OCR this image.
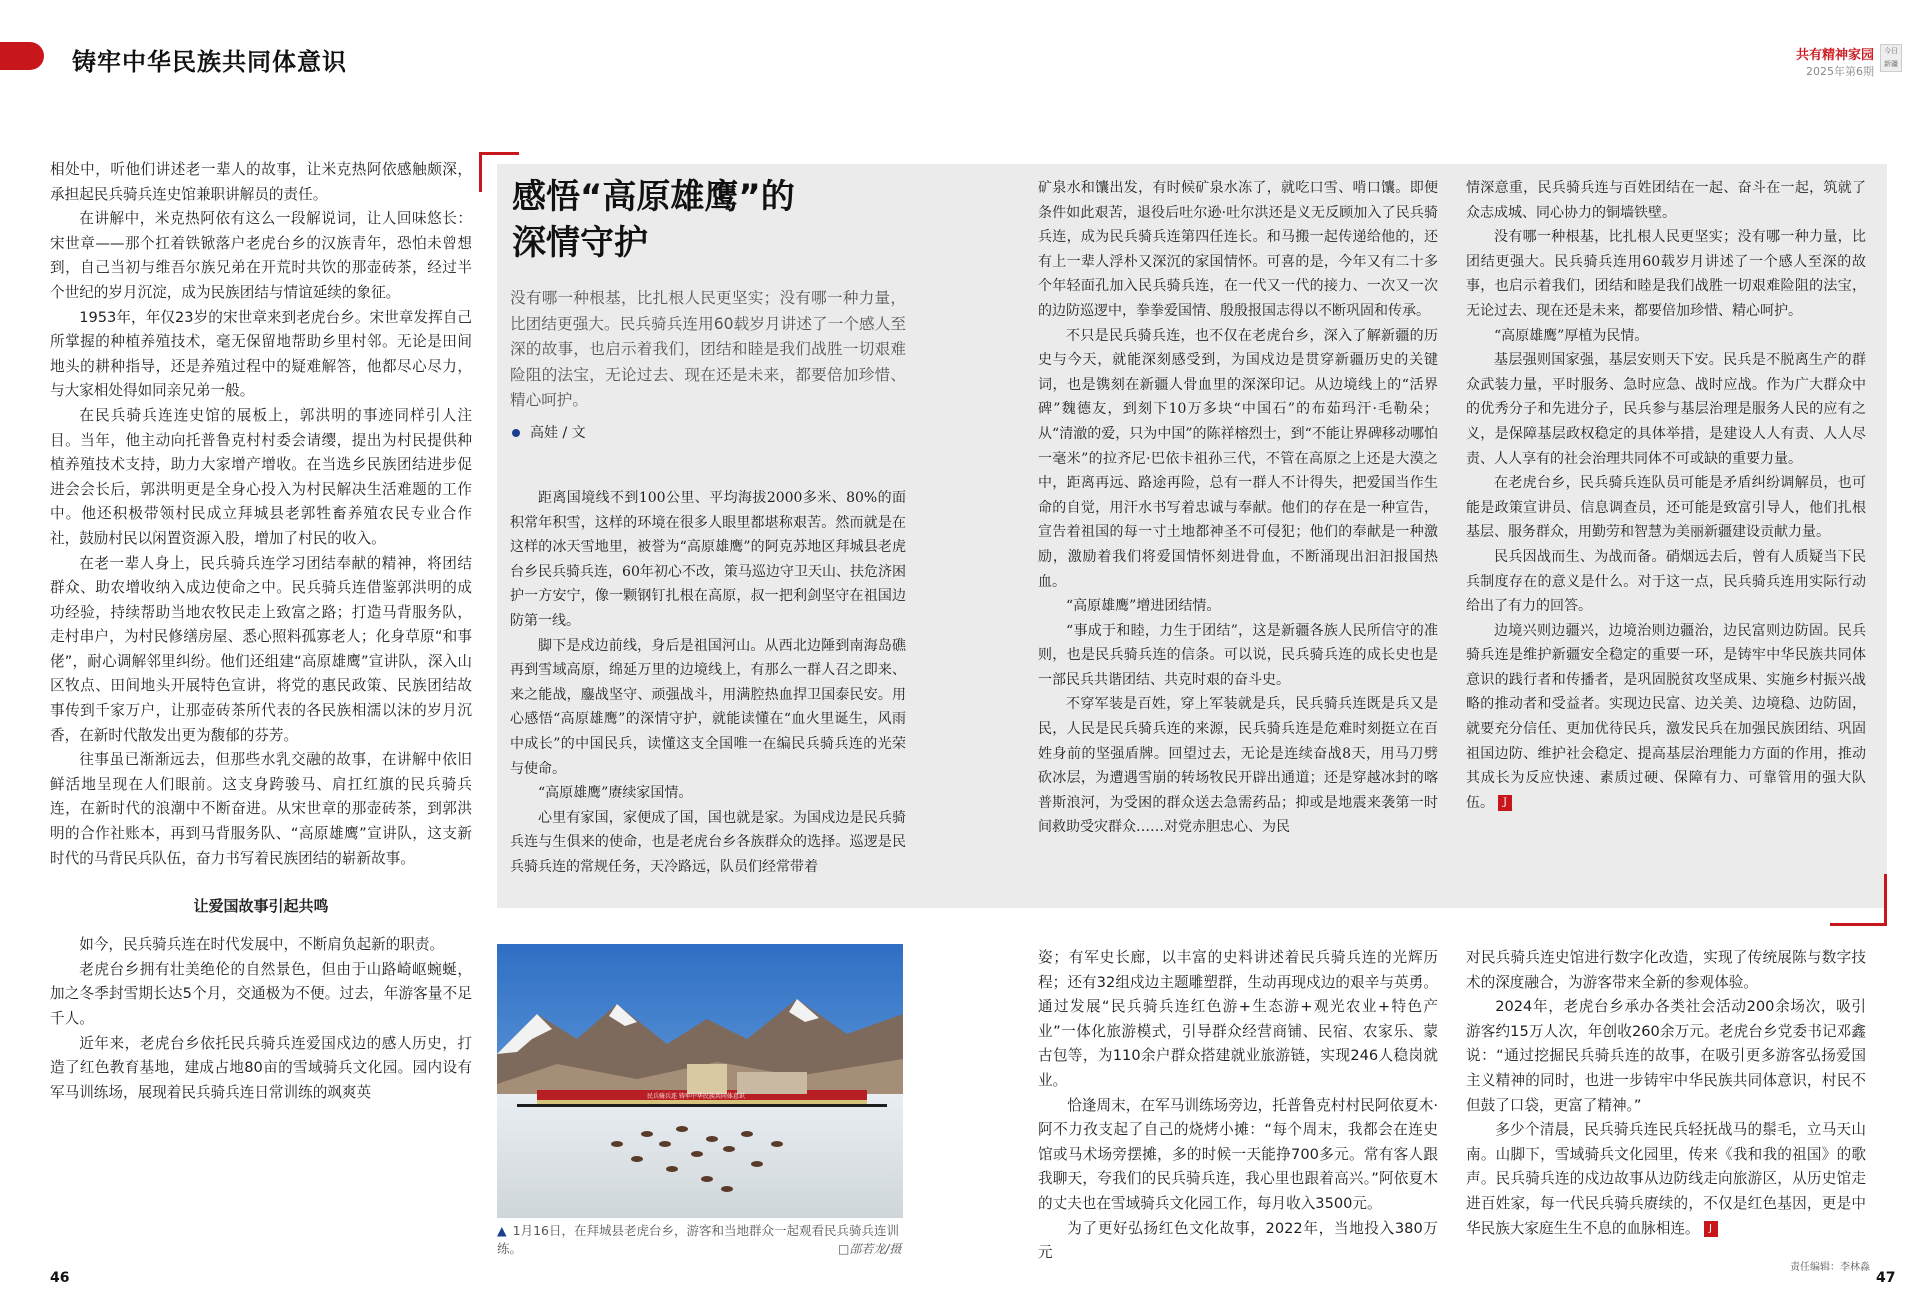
铸牢中华民族共同体意识	共有精神家园
2025年第6期
今日新疆

相处中，听他们讲述老一辈人的故事，让米克热阿依感触颇深，承担起民兵骑兵连史馆兼职讲解员的责任。

在讲解中，米克热阿依有这么一段解说词，让人回味悠长：宋世章——那个扛着铁锨落户老虎台乡的汉族青年，恐怕未曾想到，自己当初与维吾尔族兄弟在开荒时共饮的那壶砖茶，经过半个世纪的岁月沉淀，成为民族团结与情谊延续的象征。

1953年，年仅23岁的宋世章来到老虎台乡。宋世章发挥自己所掌握的种植养殖技术，毫无保留地帮助乡里村邻。无论是田间地头的耕种指导，还是养殖过程中的疑难解答，他都尽心尽力，与大家相处得如同亲兄弟一般。

在民兵骑兵连连史馆的展板上，郭洪明的事迹同样引人注目。当年，他主动向托普鲁克村村委会请缨，提出为村民提供种植养殖技术支持，助力大家增产增收。在当选乡民族团结进步促进会会长后，郭洪明更是全身心投入为村民解决生活难题的工作中。他还积极带领村民成立拜城县老郭牲畜养殖农民专业合作社，鼓励村民以闲置资源入股，增加了村民的收入。

在老一辈人身上，民兵骑兵连学习团结奉献的精神，将团结群众、助农增收纳入成边使命之中。民兵骑兵连借鉴郭洪明的成功经验，持续帮助当地农牧民走上致富之路；打造马背服务队，走村串户，为村民修缮房屋、悉心照料孤寡老人；化身草原“和事佬”，耐心调解邻里纠纷。他们还组建“高原雄鹰”宣讲队，深入山区牧点、田间地头开展特色宣讲，将党的惠民政策、民族团结故事传到千家万户，让那壶砖茶所代表的各民族相濡以沫的岁月沉香，在新时代散发出更为馥郁的芬芳。

往事虽已渐渐远去，但那些水乳交融的故事，在讲解中依旧鲜活地呈现在人们眼前。这支身跨骏马、肩扛红旗的民兵骑兵连，在新时代的浪潮中不断奋进。从宋世章的那壶砖茶，到郭洪明的合作社账本，再到马背服务队、“高原雄鹰”宣讲队，这支新时代的马背民兵队伍，奋力书写着民族团结的崭新故事。

让爱国故事引起共鸣

如今，民兵骑兵连在时代发展中，不断肩负起新的职责。

老虎台乡拥有壮美绝伦的自然景色，但由于山路崎岖蜿蜒，加之冬季封雪期长达5个月，交通极为不便。过去，年游客量不足千人。

近年来，老虎台乡依托民兵骑兵连爱国戍边的感人历史，打造了红色教育基地，建成占地80亩的雪域骑兵文化园。园内设有军马训练场，展现着民兵骑兵连日常训练的飒爽英

感悟“高原雄鹰”的
深情守护
没有哪一种根基，比扎根人民更坚实；没有哪一种力量，比团结更强大。民兵骑兵连用60载岁月讲述了一个感人至深的故事，也启示着我们，团结和睦是我们战胜一切艰难险阻的法宝，无论过去、现在还是未来，都要倍加珍惜、精心呵护。
高娃 / 文

距离国境线不到100公里、平均海拔2000多米、80%的面积常年积雪，这样的环境在很多人眼里都堪称艰苦。然而就是在这样的冰天雪地里，被誉为“高原雄鹰”的阿克苏地区拜城县老虎台乡民兵骑兵连，60年初心不改，策马巡边守卫天山、扶危济困护一方安宁，像一颗钢钉扎根在高原，叔一把利剑坚守在祖国边防第一线。

脚下是戍边前线，身后是祖国河山。从西北边陲到南海岛礁再到雪域高原，绵延万里的边境线上，有那么一群人召之即来、来之能战，鏖战坚守、顽强战斗，用满腔热血捍卫国泰民安。用心感悟“高原雄鹰”的深情守护，就能读懂在“血火里诞生，风雨中成长”的中国民兵，读懂这支全国唯一在编民兵骑兵连的光荣与使命。

“高原雄鹰”赓续家国情。

心里有家国，家便成了国，国也就是家。为国戍边是民兵骑兵连与生俱来的使命，也是老虎台乡各族群众的选择。巡逻是民兵骑兵连的常规任务，天冷路远，队员们经常带着

矿泉水和馕出发，有时候矿泉水冻了，就吃口雪、啃口馕。即便条件如此艰苦，退役后吐尔逊·吐尔洪还是义无反顾加入了民兵骑兵连，成为民兵骑兵连第四任连长。和马搬一起传递给他的，还有上一辈人浮朴又深沉的家国情怀。可喜的是，今年又有二十多个年轻面孔加入民兵骑兵连，在一代又一代的接力、一次又一次的边防巡逻中，拳拳爱国情、殷殷报国志得以不断巩固和传承。

不只是民兵骑兵连，也不仅在老虎台乡，深入了解新疆的历史与今天，就能深刻感受到，为国戍边是贯穿新疆历史的关键词，也是镌刻在新疆人骨血里的深深印记。从边境线上的“活界碑”魏德友，到刻下10万多块“中国石”的布茹玛汗·毛勒朵；从“清澈的爱，只为中国”的陈祥榕烈士，到“不能让界碑移动哪怕一毫米”的拉齐尼·巴依卡祖孙三代，不管在高原之上还是大漠之中，距离再远、路途再险，总有一群人不计得失，把爱国当作生命的自觉，用汗水书写着忠诚与奉献。他们的存在是一种宣告，宣告着祖国的每一寸土地都神圣不可侵犯；他们的奉献是一种激励，激励着我们将爱国情怀刻进骨血，不断涌现出汩汩报国热血。

“高原雄鹰”增进团结情。

“事成于和睦，力生于团结”，这是新疆各族人民所信守的准则，也是民兵骑兵连的信条。可以说，民兵骑兵连的成长史也是一部民兵共谐团结、共克时艰的奋斗史。

不穿军装是百姓，穿上军装就是兵，民兵骑兵连既是兵又是民，人民是民兵骑兵连的来源，民兵骑兵连是危难时刻挺立在百姓身前的坚强盾牌。回望过去，无论是连续奋战8天，用马刀劈砍冰层，为遭遇雪崩的转场牧民开辟出通道；还是穿越冰封的喀普斯浪河，为受困的群众送去急需药品；抑或是地震来袭第一时间救助受灾群众……对党赤胆忠心、为民

情深意重，民兵骑兵连与百姓团结在一起、奋斗在一起，筑就了众志成城、同心协力的铜墙铁壁。

没有哪一种根基，比扎根人民更坚实；没有哪一种力量，比团结更强大。民兵骑兵连用60载岁月讲述了一个感人至深的故事，也启示着我们，团结和睦是我们战胜一切艰难险阻的法宝，无论过去、现在还是未来，都要倍加珍惜、精心呵护。

“高原雄鹰”厚植为民情。

基层强则国家强，基层安则天下安。民兵是不脱离生产的群众武装力量，平时服务、急时应急、战时应战。作为广大群众中的优秀分子和先进分子，民兵参与基层治理是服务人民的应有之义，是保障基层政权稳定的具体举措，是建设人人有责、人人尽责、人人享有的社会治理共同体不可或缺的重要力量。

在老虎台乡，民兵骑兵连队员可能是矛盾纠纷调解员，也可能是政策宣讲员、信息调查员，还可能是致富引导人，他们扎根基层、服务群众，用勤劳和智慧为美丽新疆建设贡献力量。

民兵因战而生、为战而备。硝烟远去后，曾有人质疑当下民兵制度存在的意义是什么。对于这一点，民兵骑兵连用实际行动给出了有力的回答。

边境兴则边疆兴，边境治则边疆治，边民富则边防固。民兵骑兵连是维护新疆安全稳定的重要一环，是铸牢中华民族共同体意识的践行者和传播者，是巩固脱贫攻坚成果、实施乡村振兴战略的推动者和受益者。实现边民富、边关美、边境稳、边防固，就要充分信任、更加优待民兵，激发民兵在加强民族团结、巩固祖国边防、维护社会稳定、提高基层治理能力方面的作用，推动其成长为反应快速、素质过硬、保障有力、可靠管用的强大队伍。 J

民兵骑兵连 铸牢中华民族共同体意识
▲ 1月16日，在拜城县老虎台乡，游客和当地群众一起观看民兵骑兵连训练。	□邵若龙/摄

姿；有军史长廊，以丰富的史料讲述着民兵骑兵连的光辉历程；还有32组戍边主题雕塑群，生动再现戍边的艰辛与英勇。通过发展“民兵骑兵连红色游+生态游+观光农业+特色产业”一体化旅游模式，引导群众经营商铺、民宿、农家乐、蒙古包等，为110余户群众搭建就业旅游链，实现246人稳岗就业。

恰逢周末，在军马训练场旁边，托普鲁克村村民阿依夏木·阿不力孜支起了自己的烧烤小摊：“每个周末，我都会在连史馆或马术场旁摆摊，多的时候一天能挣700多元。常有客人跟我聊天，夸我们的民兵骑兵连，我心里也跟着高兴。”阿依夏木的丈夫也在雪域骑兵文化园工作，每月收入3500元。

为了更好弘扬红色文化故事，2022年，当地投入380万元

对民兵骑兵连史馆进行数字化改造，实现了传统展陈与数字技术的深度融合，为游客带来全新的参观体验。

2024年，老虎台乡承办各类社会活动200余场次，吸引游客约15万人次，年创收260余万元。老虎台乡党委书记邓鑫说：“通过挖掘民兵骑兵连的故事，在吸引更多游客弘扬爱国主义精神的同时，也进一步铸牢中华民族共同体意识，村民不但鼓了口袋，更富了精神。”

多少个清晨，民兵骑兵连民兵轻抚战马的鬃毛，立马天山南。山脚下，雪域骑兵文化园里，传来《我和我的祖国》的歌声。民兵骑兵连的戍边故事从边防线走向旅游区，从历史馆走进百姓家，每一代民兵骑兵赓续的，不仅是红色基因，更是中华民族大家庭生生不息的血脉相连。 J

46
责任编辑：李林淼
47
